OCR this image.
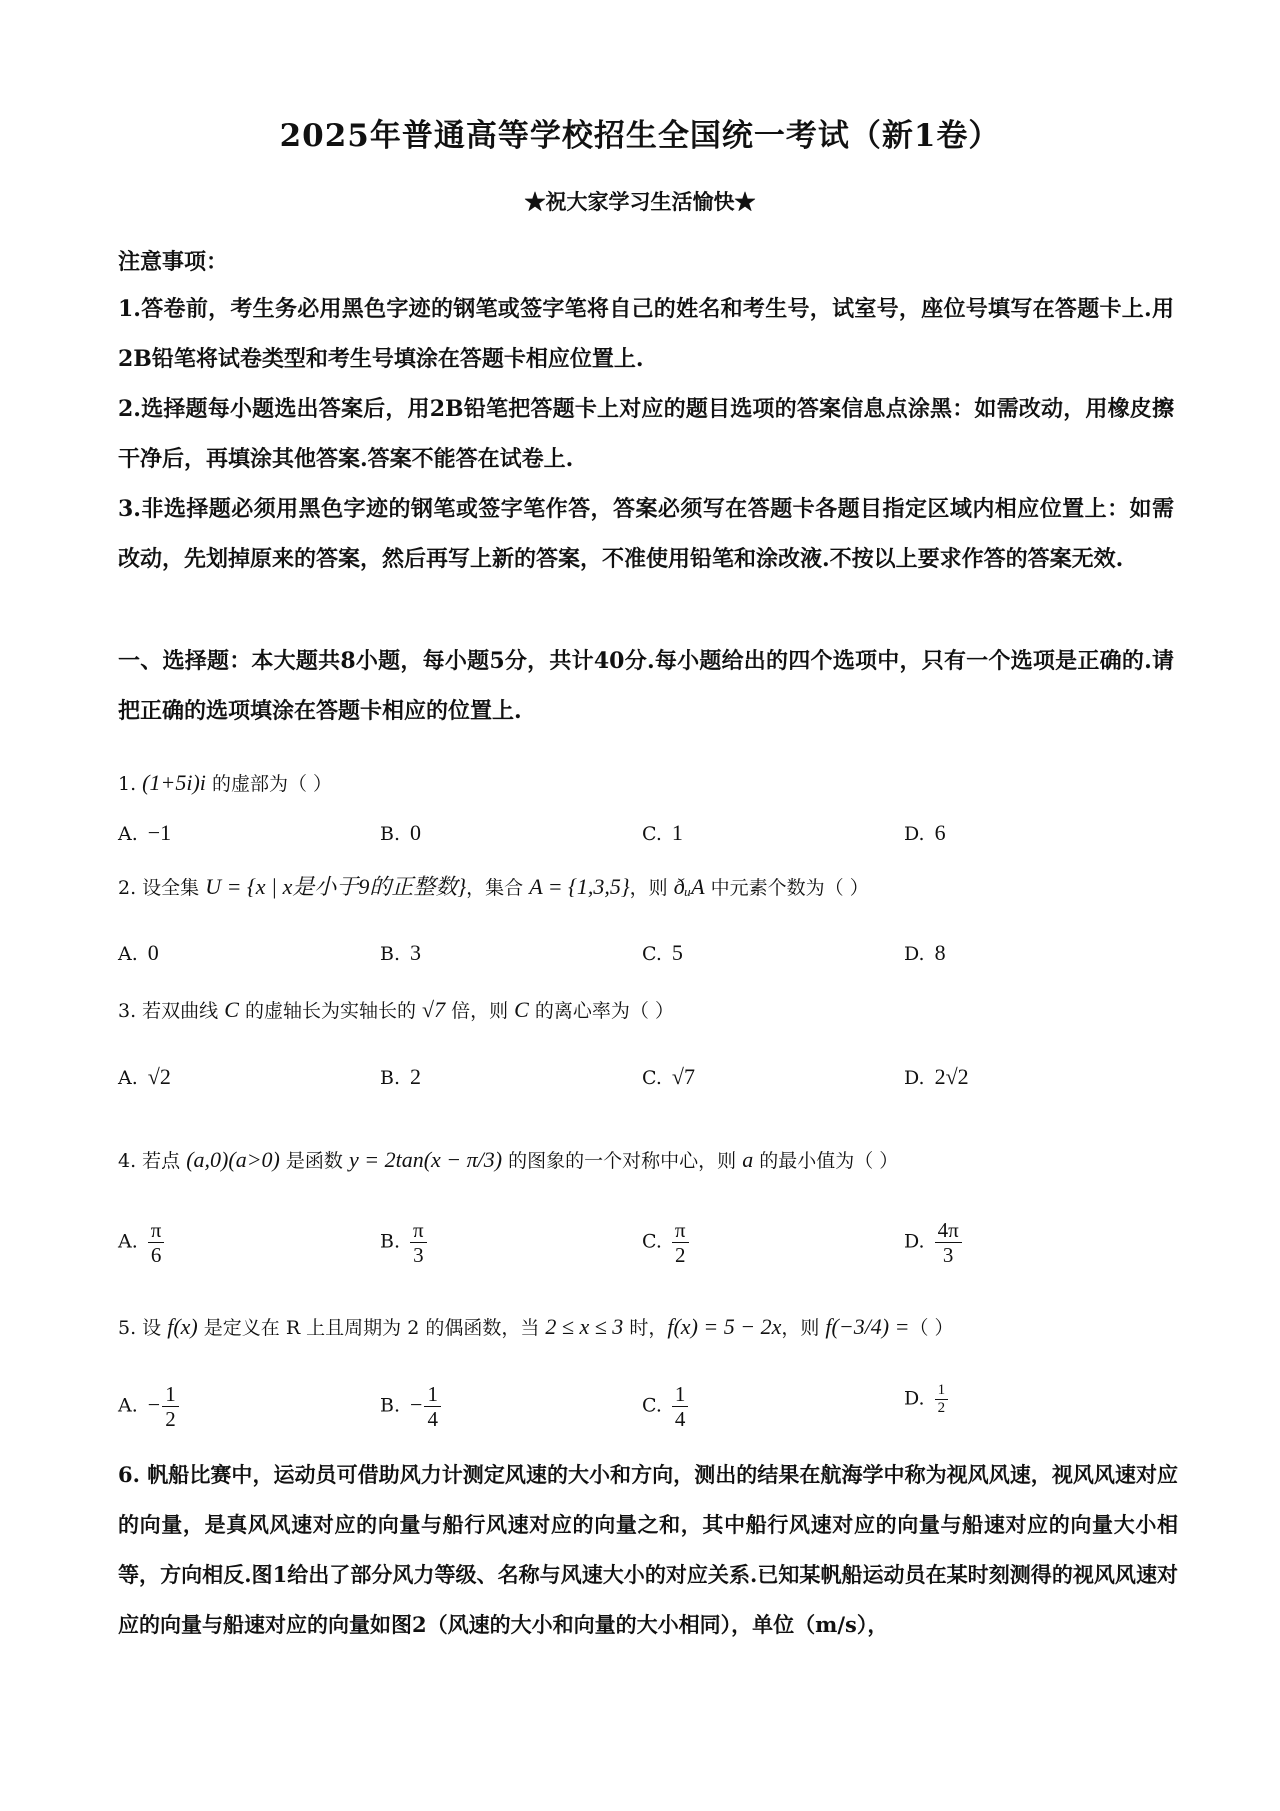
2025年普通高等学校招生全国统一考试（新1卷）
★祝大家学习生活愉快★
注意事项：
1.答卷前，考生务必用黑色字迹的钢笔或签字笔将自己的姓名和考生号，试室号，座位号填写在答题卡上.用2B铅笔将试卷类型和考生号填涂在答题卡相应位置上.
2.选择题每小题选出答案后，用2B铅笔把答题卡上对应的题目选项的答案信息点涂黑：如需改动，用橡皮擦干净后，再填涂其他答案.答案不能答在试卷上.
3.非选择题必须用黑色字迹的钢笔或签字笔作答，答案必须写在答题卡各题目指定区域内相应位置上：如需改动，先划掉原来的答案，然后再写上新的答案，不准使用铅笔和涂改液.不按以上要求作答的答案无效.
一、选择题：本大题共8小题，每小题5分，共计40分.每小题给出的四个选项中，只有一个选项是正确的.请把正确的选项填涂在答题卡相应的位置上.
1. (1+5i)i 的虚部为（ ）
A. −1	B. 0	C. 1	D. 6
2. 设全集 U = {x | x是小于9的正整数}，集合 A = {1,3,5}，则 ðᵤA 中元素个数为（ ）
A. 0	B. 3	C. 5	D. 8
3. 若双曲线 C 的虚轴长为实轴长的 √7 倍，则 C 的离心率为（ ）
A. √2	B. 2	C. √7	D. 2√2
4. 若点 (a,0)(a>0) 是函数 y = 2tan(x − π/3) 的图象的一个对称中心，则 a 的最小值为（ ）
A. $\frac{\pi}{6}$	B. $\frac{\pi}{3}$	C. $\frac{\pi}{2}$	D. $\frac{4\pi}{3}$
5. 设 f(x) 是定义在 R 上且周期为 2 的偶函数，当 2 ≤ x ≤ 3 时，f(x) = 5 − 2x，则 f(−3/4) =（ ）
A. − $\frac{1}{2}$	B. − $\frac{1}{4}$	C. $\frac{1}{4}$	D. $\frac{1}{2}$
6. 帆船比赛中，运动员可借助风力计测定风速的大小和方向，测出的结果在航海学中称为视风风速，视风风速对应的向量，是真风风速对应的向量与船行风速对应的向量之和，其中船行风速对应的向量与船速对应的向量大小相等，方向相反.图1给出了部分风力等级、名称与风速大小的对应关系.已知某帆船运动员在某时刻测得的视风风速对应的向量与船速对应的向量如图2（风速的大小和向量的大小相同），单位（m/s），
